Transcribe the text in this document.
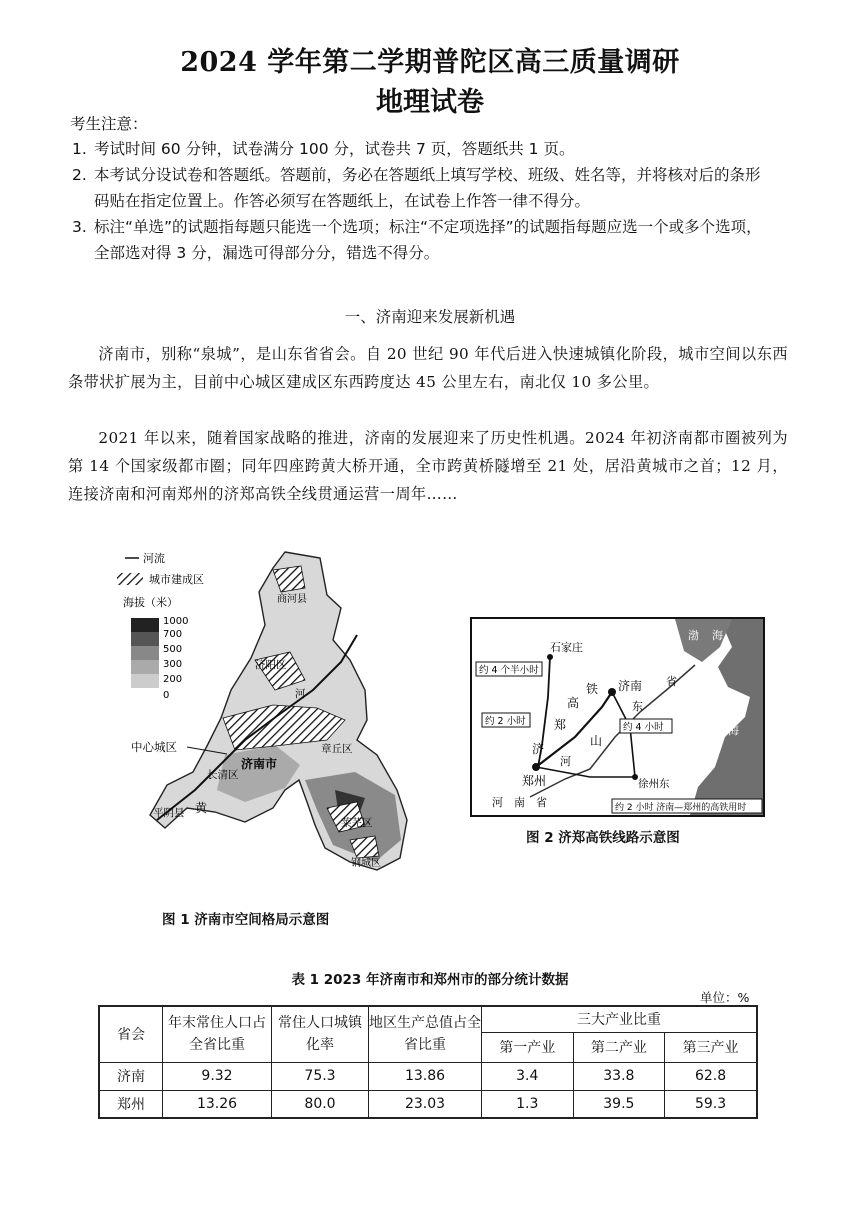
2024 学年第二学期普陀区高三质量调研
地理试卷
考生注意：
1. 考试时间 60 分钟，试卷满分 100 分，试卷共 7 页，答题纸共 1 页。
2. 本考试分设试卷和答题纸。答题前，务必在答题纸上填写学校、班级、姓名等，并将核对后的条形码贴在指定位置上。作答必须写在答题纸上，在试卷上作答一律不得分。
3. 标注“单选”的试题指每题只能选一个选项；标注“不定项选择”的试题指每题应选一个或多个选项，全部选对得 3 分，漏选可得部分分，错选不得分。
一、济南迎来发展新机遇
济南市，别称“泉城”，是山东省省会。自 20 世纪 90 年代后进入快速城镇化阶段，城市空间以东西条带状扩展为主，目前中心城区建成区东西跨度达 45 公里左右，南北仅 10 多公里。
2021 年以来，随着国家战略的推进，济南的发展迎来了历史性机遇。2024 年初济南都市圈被列为第 14 个国家级都市圈；同年四座跨黄大桥开通，全市跨黄桥隧增至 21 处，居沿黄城市之首；12 月，连接济南和河南郑州的济郑高铁全线贯通运营一周年……
河流
城市建成区
海拔（米）
1000
700
500
300
200
0
商河县
济阳区
河
中心城区
济南市
章丘区
长清区
黄
平阴县
莱芜区
钢城区
图 1 济南市空间格局示意图
渤 海
石家庄
约 4 个半小时
高
铁 济南
东
省
郑
山
约 2 小时
约 4 小时
济
黄 海
郑州	徐州东
河
河　南　省	约 2 小时 济南—郑州的高铁用时
图 2 济郑高铁线路示意图
表 1 2023 年济南市和郑州市的部分统计数据
单位：%
省会	年末常住人口占全省比重	常住人口城镇化率	地区生产总值占全省比重	三大产业比重		
				第一产业	第二产业	第三产业
济南	9.32	75.3	13.86	3.4	33.8	62.8
郑州	13.26	80.0	23.03	1.3	39.5	59.3
